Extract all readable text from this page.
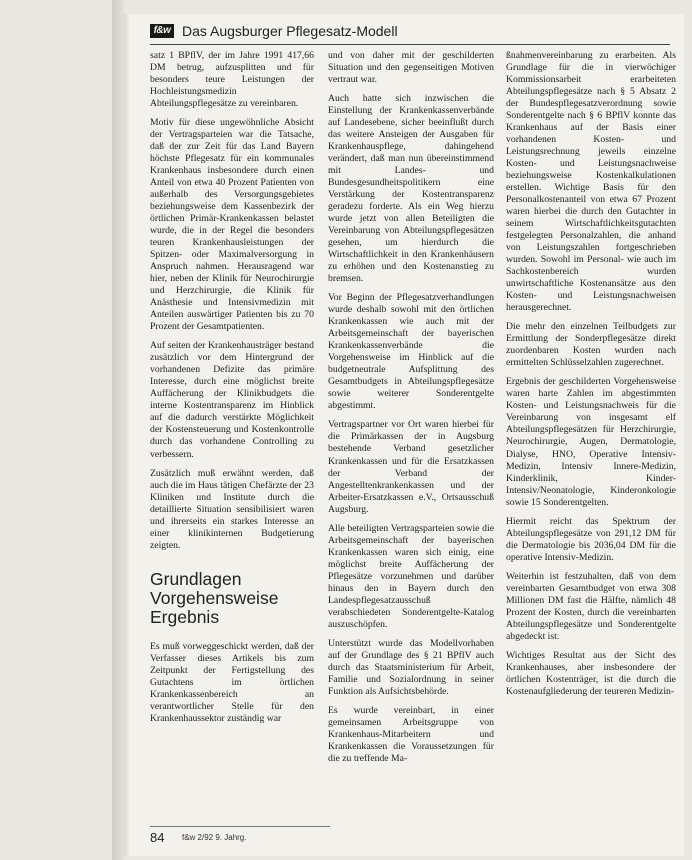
f&w Das Augsburger Pflegesatz-Modell

satz 1 BPflV, der im Jahre 1991 417,66 DM betrug, aufzusplitten und für besonders teure Leistungen der Hochleistungsmedizin Abteilungspflegesätze zu vereinbaren.

Motiv für diese ungewöhnliche Absicht der Vertragsparteien war die Tatsache, daß der zur Zeit für das Land Bayern höchste Pflegesatz für ein kommunales Krankenhaus insbesondere durch einen Anteil von etwa 40 Prozent Patienten von außerhalb des Versorgungsgebietes beziehungsweise dem Kassenbezirk der örtlichen Primär-Krankenkassen belastet wurde, die in der Regel die besonders teuren Krankenhausleistungen der Spitzen- oder Maximalversorgung in Anspruch nahmen. Herausragend war hier, neben der Klinik für Neurochirurgie und Herzchirurgie, die Klinik für Anästhesie und Intensivmedizin mit Anteilen auswärtiger Patienten bis zu 70 Prozent der Gesamtpatienten.

Auf seiten der Krankenhausträger bestand zusätzlich vor dem Hintergrund der vorhandenen Defizite das primäre Interesse, durch eine möglichst breite Auffächerung der Klinikbudgets die interne Kostentransparenz im Hinblick auf die dadurch verstärkte Möglichkeit der Kostensteuerung und Kostenkontrolle durch das vorhandene Controlling zu verbessern.

Zusätzlich muß erwähnt werden, daß auch die im Haus tätigen Chefärzte der 23 Kliniken und Institute durch die detaillierte Situation sensibilisiert waren und ihrerseits ein starkes Interesse an einer klinikinternen Budgetierung zeigten.

Grundlagen Vorgehensweise Ergebnis

Es muß vorweggeschickt werden, daß der Verfasser dieses Artikels bis zum Zeitpunkt der Fertigstellung des Gutachtens im örtlichen Krankenkassenbereich an verantwortlicher Stelle für den Krankenhaussektor zuständig war

und von daher mit der geschilderten Situation und den gegenseitigen Motiven vertraut war.

Auch hatte sich inzwischen die Einstellung der Krankenkassenverbände auf Landesebene, sicher beeinflußt durch das weitere Ansteigen der Ausgaben für Krankenhauspflege, dahingehend verändert, daß man nun übereinstimmend mit Landes- und Bundesgesundheitspolitikern eine Verstärkung der Kostentransparenz geradezu forderte. Als ein Weg hierzu wurde jetzt von allen Beteiligten die Vereinbarung von Abteilungspflegesätzen gesehen, um hierdurch die Wirtschaftlichkeit in den Krankenhäusern zu erhöhen und den Kostenanstieg zu bremsen.

Vor Beginn der Pflegesatzverhandlungen wurde deshalb sowohl mit den örtlichen Krankenkassen wie auch mit der Arbeitsgemeinschaft der bayerischen Krankenkassenverbände die Vorgehensweise im Hinblick auf die budgetneutrale Aufsplittung des Gesamtbudgets in Abteilungspflegesätze sowie weiterer Sonderentgelte abgestimmt.

Vertragspartner vor Ort waren hierbei für die Primärkassen der in Augsburg bestehende Verband gesetzlicher Krankenkassen und für die Ersatzkassen der Verband der Angestelltenkrankenkassen und der Arbeiter-Ersatzkassen e.V., Ortsausschuß Augsburg.

Alle beteiligten Vertragsparteien sowie die Arbeitsgemeinschaft der bayerischen Krankenkassen waren sich einig, eine möglichst breite Auffächerung der Pflegesätze vorzunehmen und darüber hinaus den in Bayern durch den Landespflegesatzausschuß verabschiedeten Sonderentgelte-Katalog auszuschöpfen.

Unterstützt wurde das Modellvorhaben auf der Grundlage des § 21 BPflV auch durch das Staatsministerium für Arbeit, Familie und Sozialordnung in seiner Funktion als Aufsichtsbehörde.

Es wurde vereinbart, in einer gemeinsamen Arbeitsgruppe von Krankenhaus-Mitarbeitern und Krankenkassen die Voraussetzungen für die zu treffende Ma-

ßnahmenvereinbarung zu erarbeiten. Als Grundlage für die in vierwöchiger Kommissionsarbeit erarbeiteten Abteilungspflegesätze nach § 5 Absatz 2 der Bundespflegesatzverordnung sowie Sonderentgelte nach § 6 BPflV konnte das Krankenhaus auf der Basis einer vorhandenen Kosten- und Leistungsrechnung jeweils einzelne Kosten- und Leistungsnachweise beziehungsweise Kostenkalkulationen erstellen. Wichtige Basis für den Personalkostenanteil von etwa 67 Prozent waren hierbei die durch den Gutachter in seinem Wirtschaftlichkeitsgutachten festgelegten Personalzahlen, die anhand von Leistungszahlen fortgeschrieben wurden. Sowohl im Personal- wie auch im Sachkostenbereich wurden unwirtschaftliche Kostenansätze aus den Kosten- und Leistungsnachweisen herausgerechnet.

Die mehr den einzelnen Teilbudgets zur Ermittlung der Sonderpflegesätze direkt zuordenbaren Kosten wurden nach ermittelten Schlüsselzahlen zugerechnet.

Ergebnis der geschilderten Vorgehensweise waren harte Zahlen im abgestimmten Kosten- und Leistungsnachweis für die Vereinbarung von insgesamt elf Abteilungspflegesätzen für Herzchirurgie, Neurochirurgie, Augen, Dermatologie, Dialyse, HNO, Operative Intensiv-Medizin, Intensiv Innere-Medizin, Kinderklinik, Kinder-Intensiv/Neonatologie, Kinderonkologie sowie 15 Sonderentgelten.

Hiermit reicht das Spektrum der Abteilungspflegesätze von 291,12 DM für die Dermatologie bis 2036,04 DM für die operative Intensiv-Medizin.

Weiterhin ist festzuhalten, daß von dem vereinbarten Gesamtbudget von etwa 308 Millionen DM fast die Hälfte, nämlich 48 Prozent der Kosten, durch die vereinbarten Abteilungspflegesätze und Sonderentgelte abgedeckt ist.

Wichtiges Resultat aus der Sicht des Krankenhauses, aber insbesondere der örtlichen Kostenträger, ist die durch die Kostenaufgliederung der teureren Medizin-

84 f&w 2/92 9. Jahrg.
